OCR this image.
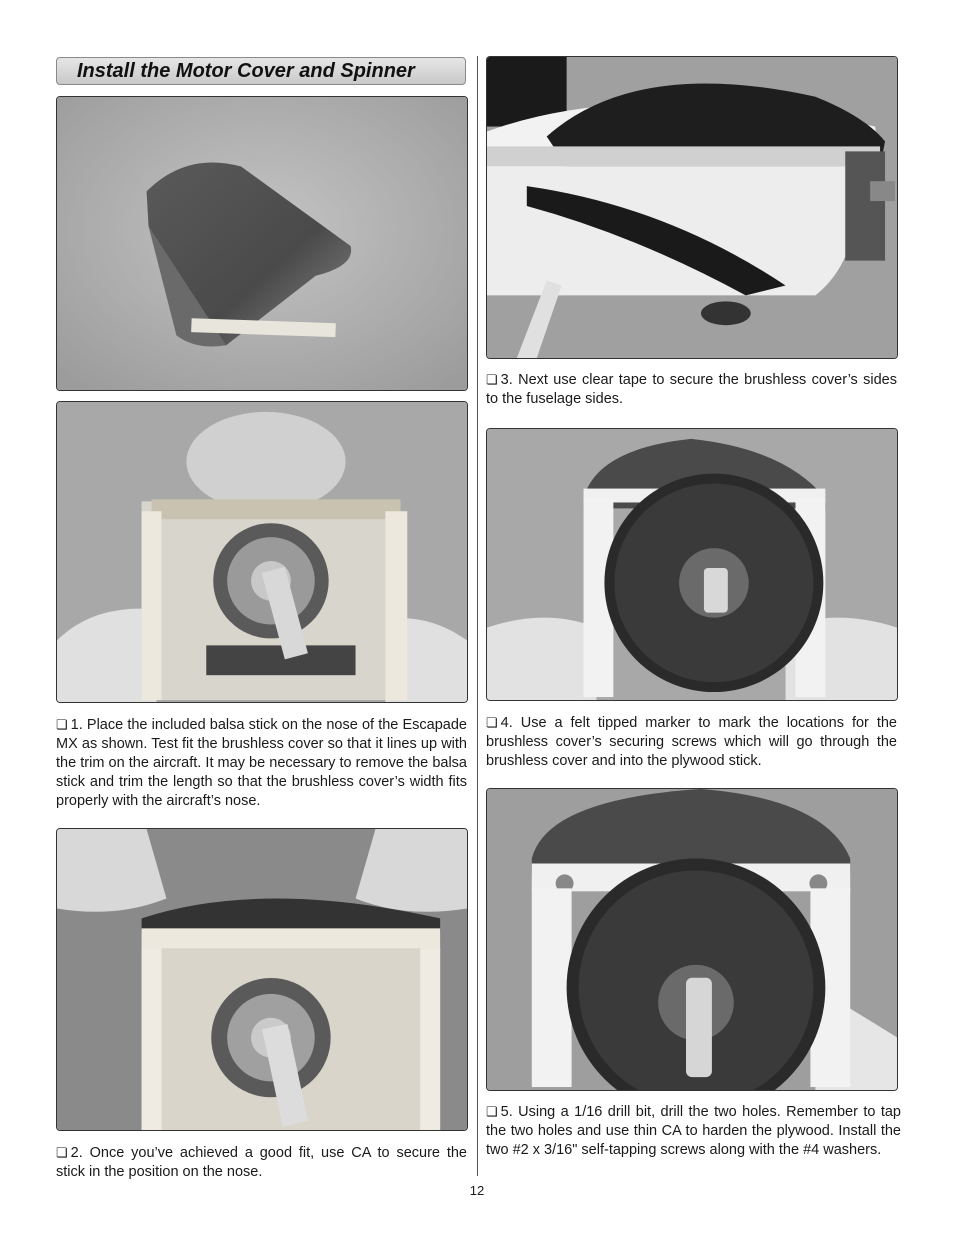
Install the Motor Cover and Spinner
❏ 1. Place the included balsa stick on the nose of the Escapade MX as shown. Test fit the brushless cover so that it lines up with the trim on the aircraft. It may be necessary to remove the balsa stick and trim the length so that the brushless cover’s width fits properly with the aircraft’s nose.
❏ 2. Once you’ve achieved a good fit, use CA to secure the stick in the position on the nose.
❏ 3. Next use clear tape to secure the brushless cover’s sides to the fuselage sides.
❏ 4. Use a felt tipped marker to mark the locations for the brushless cover’s securing screws which will go through the brushless cover and into the plywood stick.
❏ 5. Using a 1/16 drill bit, drill the two holes. Remember to tap the two holes and use thin CA to harden the plywood. Install the two #2 x 3/16" self-tapping screws along with the #4 washers.
12
